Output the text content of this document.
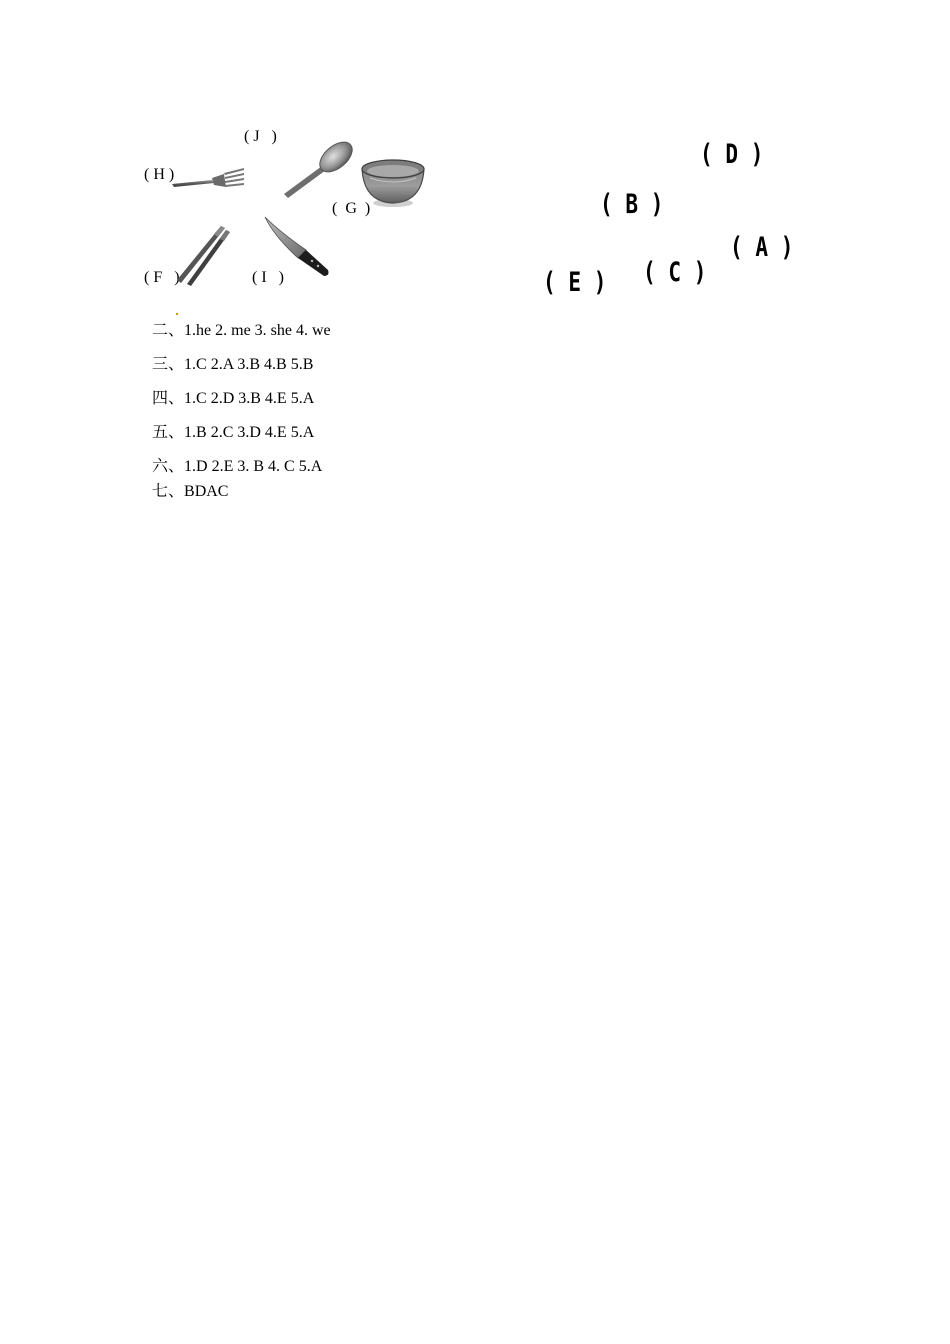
( J   )
( H )
(  G  )
( F   )	( I   )
( D )
( B )
( A )
( C )
( E )

二、1.he 2. me 3. she 4. we

三、1.C 2.A 3.B 4.B 5.B

四、1.C 2.D 3.B 4.E 5.A

五、1.B 2.C 3.D 4.E 5.A

六、1.D 2.E 3. B 4. C 5.A

七、BDAC
